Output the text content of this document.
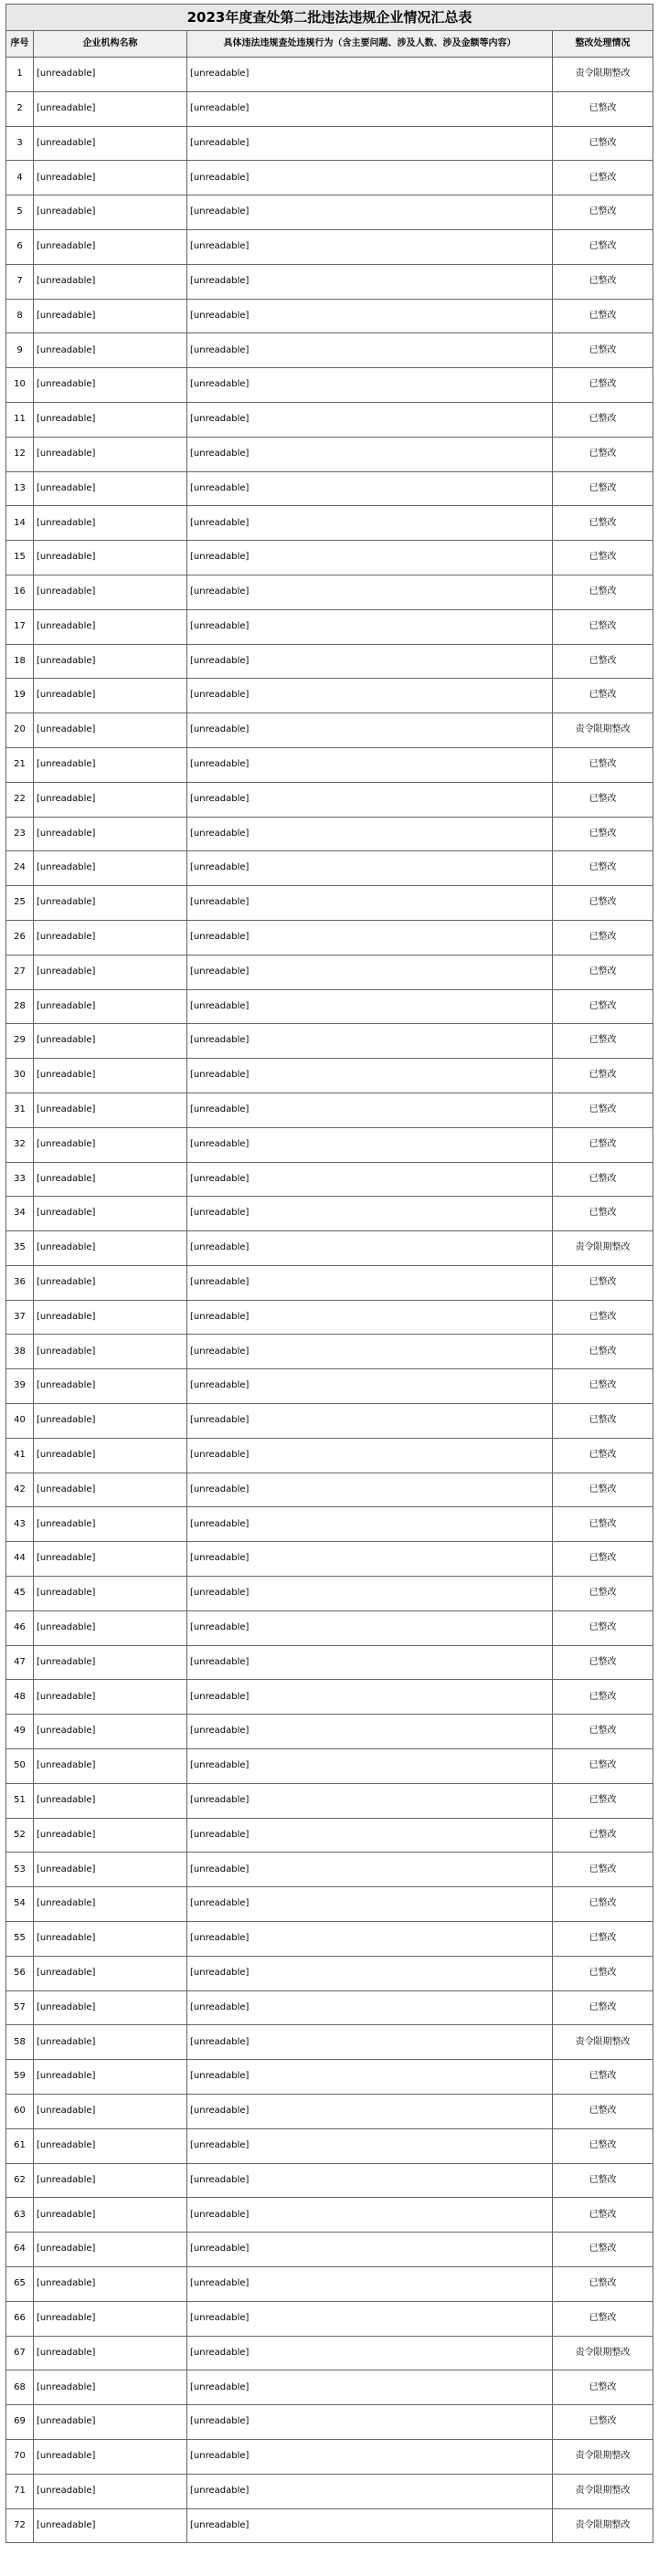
2023年度查处第二批违法违规企业情况汇总表
序号	企业机构名称	具体违法违规查处违规行为（含主要问题、涉及人数、涉及金额等内容）	整改处理情况
1	[unreadable]	[unreadable]	责令限期整改
2	[unreadable]	[unreadable]	已整改
3	[unreadable]	[unreadable]	已整改
4	[unreadable]	[unreadable]	已整改
5	[unreadable]	[unreadable]	已整改
6	[unreadable]	[unreadable]	已整改
7	[unreadable]	[unreadable]	已整改
8	[unreadable]	[unreadable]	已整改
9	[unreadable]	[unreadable]	已整改
10	[unreadable]	[unreadable]	已整改
11	[unreadable]	[unreadable]	已整改
12	[unreadable]	[unreadable]	已整改
13	[unreadable]	[unreadable]	已整改
14	[unreadable]	[unreadable]	已整改
15	[unreadable]	[unreadable]	已整改
16	[unreadable]	[unreadable]	已整改
17	[unreadable]	[unreadable]	已整改
18	[unreadable]	[unreadable]	已整改
19	[unreadable]	[unreadable]	已整改
20	[unreadable]	[unreadable]	责令限期整改
21	[unreadable]	[unreadable]	已整改
22	[unreadable]	[unreadable]	已整改
23	[unreadable]	[unreadable]	已整改
24	[unreadable]	[unreadable]	已整改
25	[unreadable]	[unreadable]	已整改
26	[unreadable]	[unreadable]	已整改
27	[unreadable]	[unreadable]	已整改
28	[unreadable]	[unreadable]	已整改
29	[unreadable]	[unreadable]	已整改
30	[unreadable]	[unreadable]	已整改
31	[unreadable]	[unreadable]	已整改
32	[unreadable]	[unreadable]	已整改
33	[unreadable]	[unreadable]	已整改
34	[unreadable]	[unreadable]	已整改
35	[unreadable]	[unreadable]	责令限期整改
36	[unreadable]	[unreadable]	已整改
37	[unreadable]	[unreadable]	已整改
38	[unreadable]	[unreadable]	已整改
39	[unreadable]	[unreadable]	已整改
40	[unreadable]	[unreadable]	已整改
41	[unreadable]	[unreadable]	已整改
42	[unreadable]	[unreadable]	已整改
43	[unreadable]	[unreadable]	已整改
44	[unreadable]	[unreadable]	已整改
45	[unreadable]	[unreadable]	已整改
46	[unreadable]	[unreadable]	已整改
47	[unreadable]	[unreadable]	已整改
48	[unreadable]	[unreadable]	已整改
49	[unreadable]	[unreadable]	已整改
50	[unreadable]	[unreadable]	已整改
51	[unreadable]	[unreadable]	已整改
52	[unreadable]	[unreadable]	已整改
53	[unreadable]	[unreadable]	已整改
54	[unreadable]	[unreadable]	已整改
55	[unreadable]	[unreadable]	已整改
56	[unreadable]	[unreadable]	已整改
57	[unreadable]	[unreadable]	已整改
58	[unreadable]	[unreadable]	责令限期整改
59	[unreadable]	[unreadable]	已整改
60	[unreadable]	[unreadable]	已整改
61	[unreadable]	[unreadable]	已整改
62	[unreadable]	[unreadable]	已整改
63	[unreadable]	[unreadable]	已整改
64	[unreadable]	[unreadable]	已整改
65	[unreadable]	[unreadable]	已整改
66	[unreadable]	[unreadable]	已整改
67	[unreadable]	[unreadable]	责令限期整改
68	[unreadable]	[unreadable]	已整改
69	[unreadable]	[unreadable]	已整改
70	[unreadable]	[unreadable]	责令限期整改
71	[unreadable]	[unreadable]	责令限期整改
72	[unreadable]	[unreadable]	责令限期整改
